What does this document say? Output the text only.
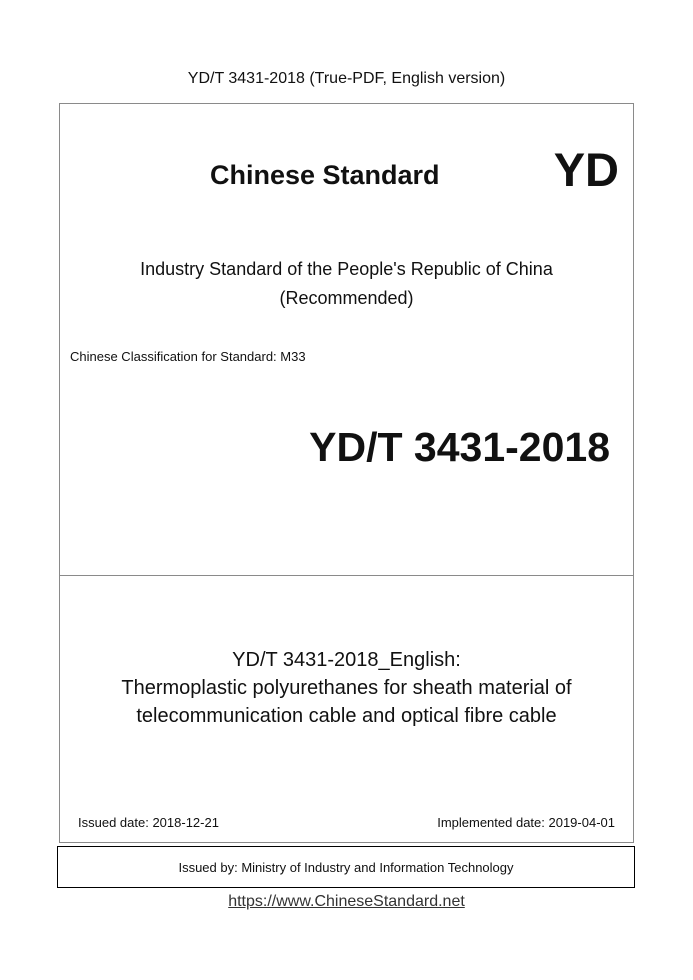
YD/T 3431-2018 (True-PDF, English version)
Chinese Standard YD
Industry Standard of the People's Republic of China
(Recommended)
Chinese Classification for Standard: M33
YD/T 3431-2018
YD/T 3431-2018_English:
Thermoplastic polyurethanes for sheath material of
telecommunication cable and optical fibre cable
Issued date: 2018-12-21	Implemented date: 2019-04-01
Issued by: Ministry of Industry and Information Technology
https://www.ChineseStandard.net
